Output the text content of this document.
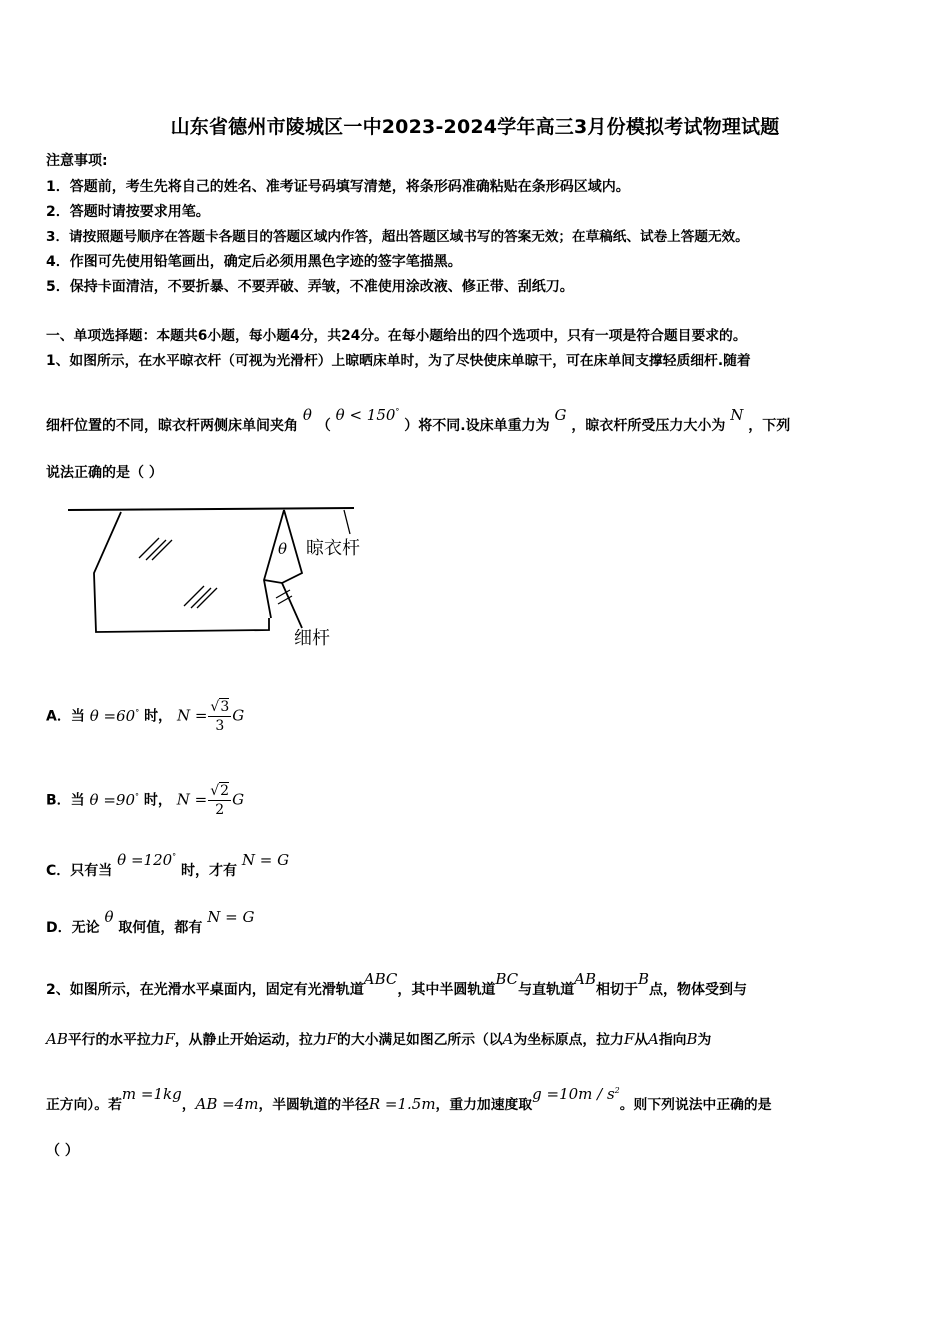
山东省德州市陵城区一中2023-2024学年高三3月份模拟考试物理试题
注意事项:
1．答题前，考生先将自己的姓名、准考证号码填写清楚，将条形码准确粘贴在条形码区域内。
2．答题时请按要求用笔。
3．请按照题号顺序在答题卡各题目的答题区域内作答，超出答题区域书写的答案无效；在草稿纸、试卷上答题无效。
4．作图可先使用铅笔画出，确定后必须用黑色字迹的签字笔描黑。
5．保持卡面清洁，不要折暴、不要弄破、弄皱，不准使用涂改液、修正带、刮纸刀。
一、单项选择题：本题共6小题，每小题4分，共24分。在每小题给出的四个选项中，只有一项是符合题目要求的。
1、如图所示，在水平晾衣杆（可视为光滑杆）上晾晒床单时，为了尽快使床单晾干，可在床单间支撑轻质细杆.随着
细杆位置的不同，晾衣杆两侧床单间夹角 θ （ θ < 150° ）将不同.设床单重力为 G ，晾衣杆所受压力大小为 N ，下列
说法正确的是（ ）
θ 晾衣杆
细杆
A．当 θ =60° 时， $N = \frac{√3}{3}$ G
B．当 θ =90° 时， $N = \frac{√2}{2}$ G
C．只有当 θ =120° 时，才有 N = G
D．无论 θ 取何值，都有 N = G
2、如图所示，在光滑水平桌面内，固定有光滑轨道ABC，其中半圆轨道BC与直轨道AB相切于B点，物体受到与
AB平行的水平拉力F，从静止开始运动，拉力F的大小满足如图乙所示（以A为坐标原点，拉力F从A指向B为
正方向）。若m =1kg，AB =4m，半圆轨道的半径R =1.5m，重力加速度取$g =10m / s^2$。则下列说法中正确的是
（ ）
